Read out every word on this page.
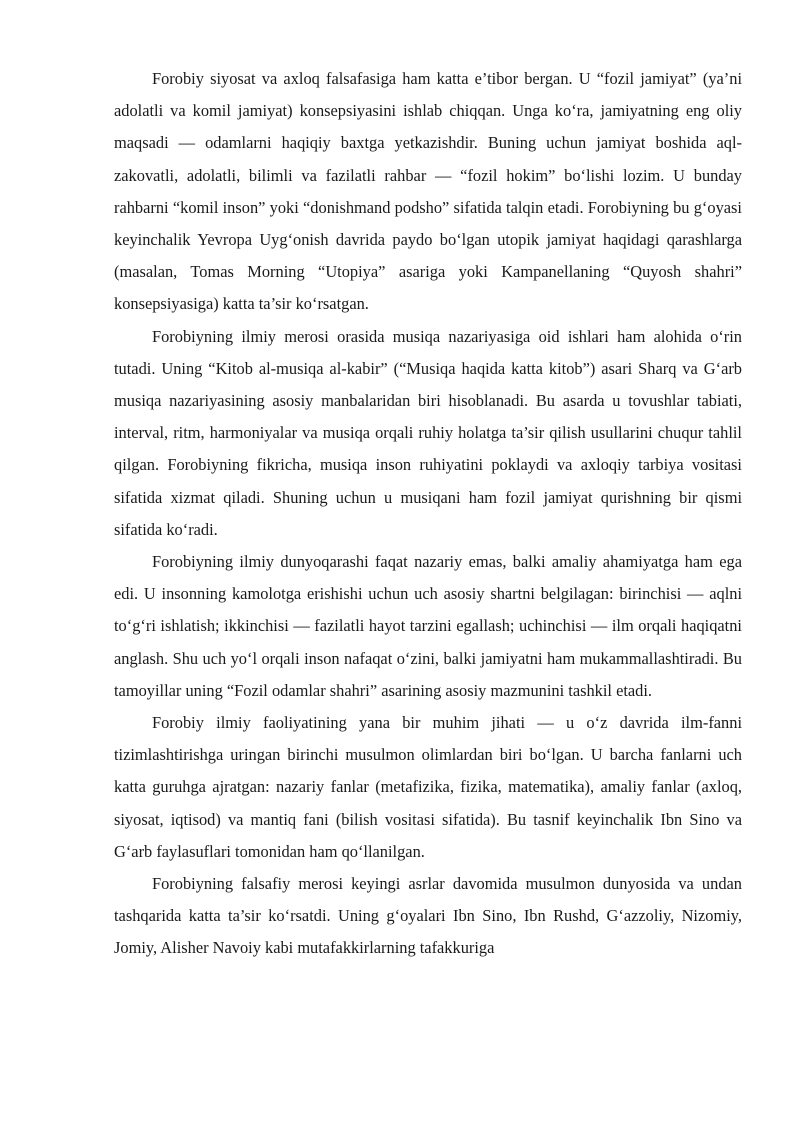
Forobiy siyosat va axloq falsafasiga ham katta e’tibor bergan. U “fozil jamiyat” (ya’ni adolatli va komil jamiyat) konsepsiyasini ishlab chiqqan. Unga ko‘ra, jamiyatning eng oliy maqsadi — odamlarni haqiqiy baxtga yetkazishdir. Buning uchun jamiyat boshida aql-zakovatli, adolatli, bilimli va fazilatli rahbar — “fozil hokim” bo‘lishi lozim. U bunday rahbarni “komil inson” yoki “donishmand podsho” sifatida talqin etadi. Forobiyning bu g‘oyasi keyinchalik Yevropa Uyg‘onish davrida paydo bo‘lgan utopik jamiyat haqidagi qarashlarga (masalan, Tomas Morning “Utopiya” asariga yoki Kampanellaning “Quyosh shahri” konsepsiyasiga) katta ta’sir ko‘rsatgan.

Forobiyning ilmiy merosi orasida musiqa nazariyasiga oid ishlari ham alohida o‘rin tutadi. Uning “Kitob al-musiqa al-kabir” (“Musiqa haqida katta kitob”) asari Sharq va G‘arb musiqa nazariyasining asosiy manbalaridan biri hisoblanadi. Bu asarda u tovushlar tabiati, interval, ritm, harmoniyalar va musiqa orqali ruhiy holatga ta’sir qilish usullarini chuqur tahlil qilgan. Forobiyning fikricha, musiqa inson ruhiyatini poklaydi va axloqiy tarbiya vositasi sifatida xizmat qiladi. Shuning uchun u musiqani ham fozil jamiyat qurishning bir qismi sifatida ko‘radi.

Forobiyning ilmiy dunyoqarashi faqat nazariy emas, balki amaliy ahamiyatga ham ega edi. U insonning kamolotga erishishi uchun uch asosiy shartni belgilagan: birinchisi — aqlni to‘g‘ri ishlatish; ikkinchisi — fazilatli hayot tarzini egallash; uchinchisi — ilm orqali haqiqatni anglash. Shu uch yo‘l orqali inson nafaqat o‘zini, balki jamiyatni ham mukammallashtiradi. Bu tamoyillar uning “Fozil odamlar shahri” asarining asosiy mazmunini tashkil etadi.

Forobiy ilmiy faoliyatining yana bir muhim jihati — u o‘z davrida ilm-fanni tizimlashtirishga uringan birinchi musulmon olimlardan biri bo‘lgan. U barcha fanlarni uch katta guruhga ajratgan: nazariy fanlar (metafizika, fizika, matematika), amaliy fanlar (axloq, siyosat, iqtisod) va mantiq fani (bilish vositasi sifatida). Bu tasnif keyinchalik Ibn Sino va G‘arb faylasuflari tomonidan ham qo‘llanilgan.

Forobiyning falsafiy merosi keyingi asrlar davomida musulmon dunyosida va undan tashqarida katta ta’sir ko‘rsatdi. Uning g‘oyalari Ibn Sino, Ibn Rushd, G‘azzoliy, Nizomiy, Jomiy, Alisher Navoiy kabi mutafakkirlarning tafakkuriga
